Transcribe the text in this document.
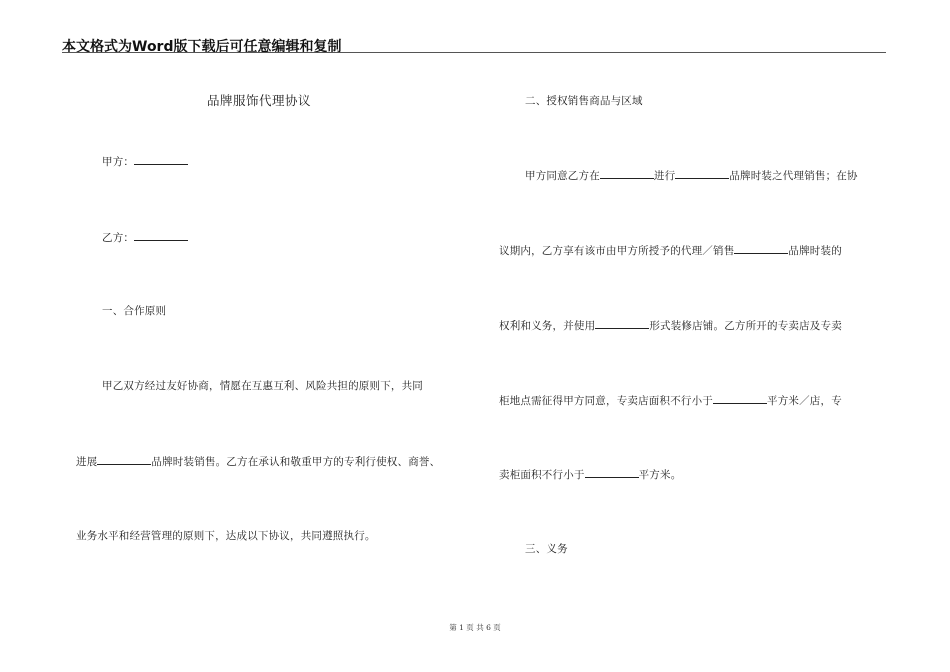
本文格式为Word版下载后可任意编辑和复制
品牌服饰代理协议
甲方：
乙方：
一、合作原则
甲乙双方经过友好协商，情愿在互惠互利、风险共担的原则下，共同
进展	品牌时装销售。乙方在承认和敬重甲方的专利行使权、商誉、
业务水平和经营管理的原则下，达成以下协议，共同遵照执行。
二、授权销售商品与区域
甲方同意乙方在	进行	品牌时装之代理销售；在协
议期内，乙方享有该市由甲方所授予的代理／销售	品牌时装的
权利和义务，并使用	形式装修店铺。乙方所开的专卖店及专卖
柜地点需征得甲方同意，专卖店面积不行小于	平方米／店，专
卖柜面积不行小于	平方米。
三、义务
第 1 页 共 6 页
